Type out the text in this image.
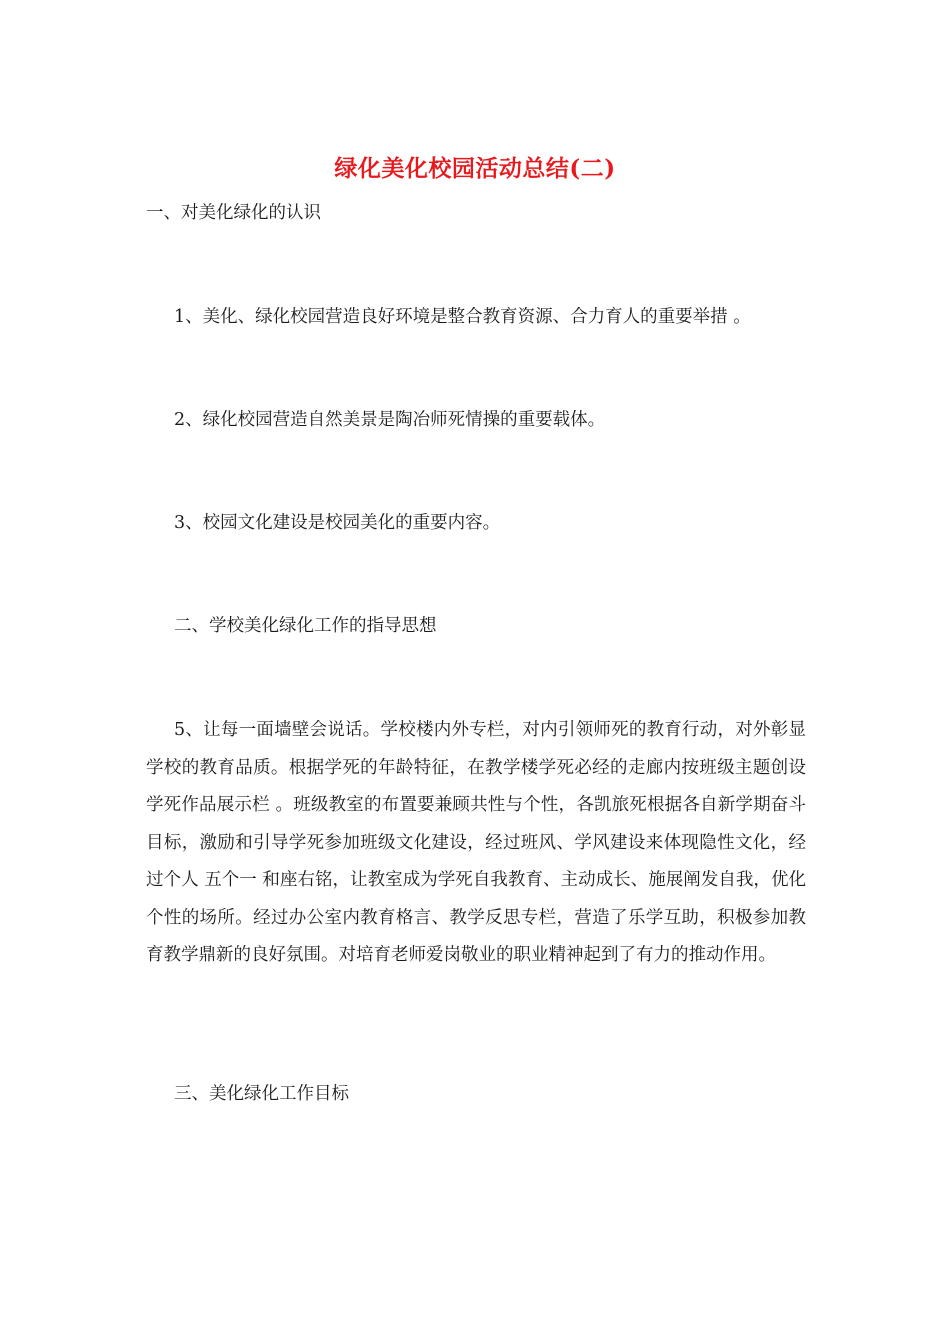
绿化美化校园活动总结(二)

一、对美化绿化的认识

1、美化、绿化校园营造良好环境是整合教育资源、合力育人的重要举措 。

2、绿化校园营造自然美景是陶冶师死情操的重要载体。

3、校园文化建设是校园美化的重要内容。

二、学校美化绿化工作的指导思想

5、让每一面墙壁会说话。学校楼内外专栏，对内引领师死的教育行动，对外彰显学校的教育品质。根据学死的年龄特征，在教学楼学死必经的走廊内按班级主题创设 学死作品展示栏 。班级教室的布置要兼顾共性与个性，各凯旅死根据各自新学期奋斗目标，激励和引导学死参加班级文化建设，经过班风、学风建设来体现隐性文化，经过个人 五个一 和座右铭，让教室成为学死自我教育、主动成长、施展阐发自我，优化个性的场所。经过办公室内教育格言、教学反思专栏，营造了乐学互助，积极参加教育教学鼎新的良好氛围。对培育老师爱岗敬业的职业精神起到了有力的推动作用。

三、美化绿化工作目标
